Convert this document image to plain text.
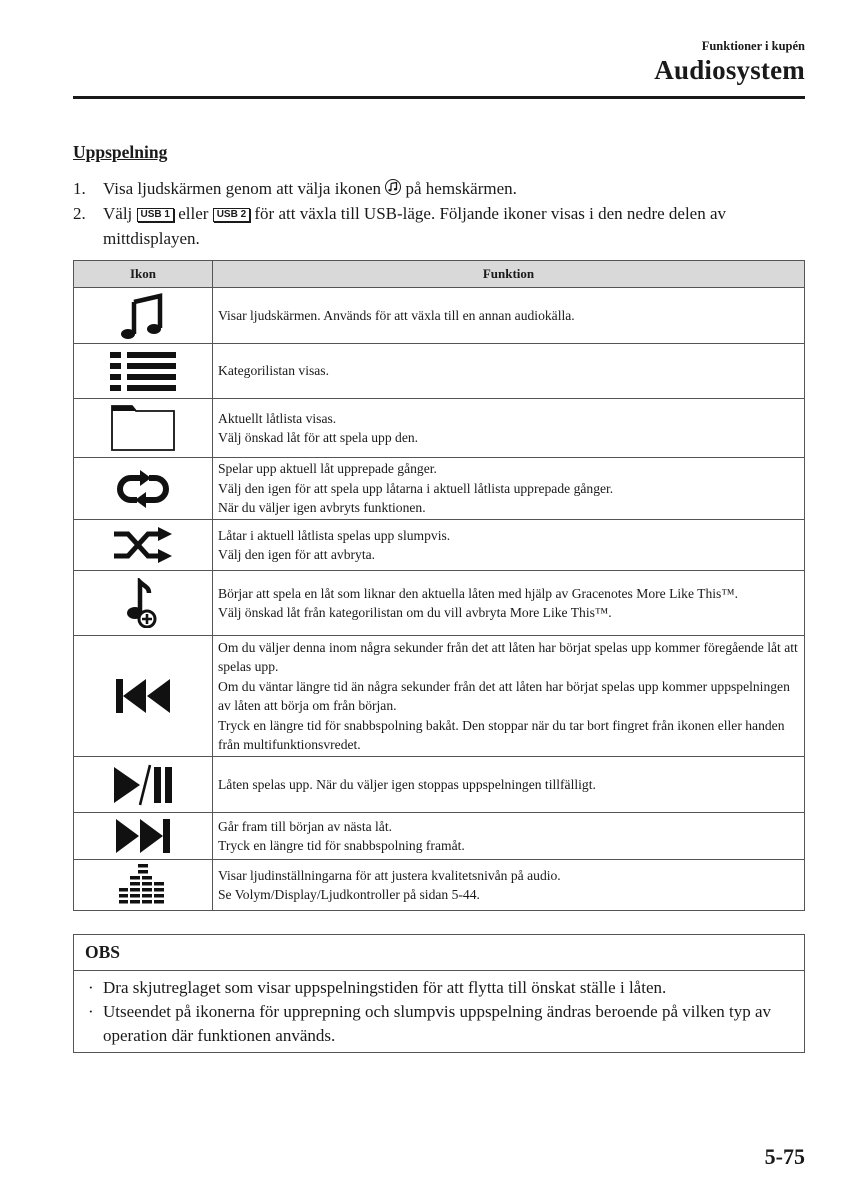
Funktioner i kupén
Audiosystem
Uppspelning
1. Visa ljudskärmen genom att välja ikonen på hemskärmen.
2. Välj USB 1 eller USB 2 för att växla till USB-läge. Följande ikoner visas i den nedre delen av mittdisplayen.
Ikon	Funktion

Visar ljudskärmen. Används för att växla till en annan audiokälla.

Kategorilistan visas.

Aktuellt låtlista visas.
Välj önskad låt för att spela upp den.

Spelar upp aktuell låt upprepade gånger.
Välj den igen för att spela upp låtarna i aktuell låtlista upprepade gånger.
När du väljer igen avbryts funktionen.

Låtar i aktuell låtlista spelas upp slumpvis.
Välj den igen för att avbryta.

Börjar att spela en låt som liknar den aktuella låten med hjälp av Gracenotes More Like This™.
Välj önskad låt från kategorilistan om du vill avbryta More Like This™.

Om du väljer denna inom några sekunder från det att låten har börjat spelas upp kommer föregående låt att spelas upp.
Om du väntar längre tid än några sekunder från det att låten har börjat spelas upp kommer uppspelningen av låten att börja om från början.
Tryck en längre tid för snabbspolning bakåt. Den stoppar när du tar bort fingret från ikonen eller handen från multifunktionsvredet.

Låten spelas upp. När du väljer igen stoppas uppspelningen tillfälligt.

Går fram till början av nästa låt.
Tryck en längre tid för snabbspolning framåt.

Visar ljudinställningarna för att justera kvalitetsnivån på audio.
Se Volym/Display/Ljudkontroller på sidan 5-44.
OBS
· Dra skjutreglaget som visar uppspelningstiden för att flytta till önskat ställe i låten.
· Utseendet på ikonerna för upprepning och slumpvis uppspelning ändras beroende på vilken typ av operation där funktionen används.
5-75
